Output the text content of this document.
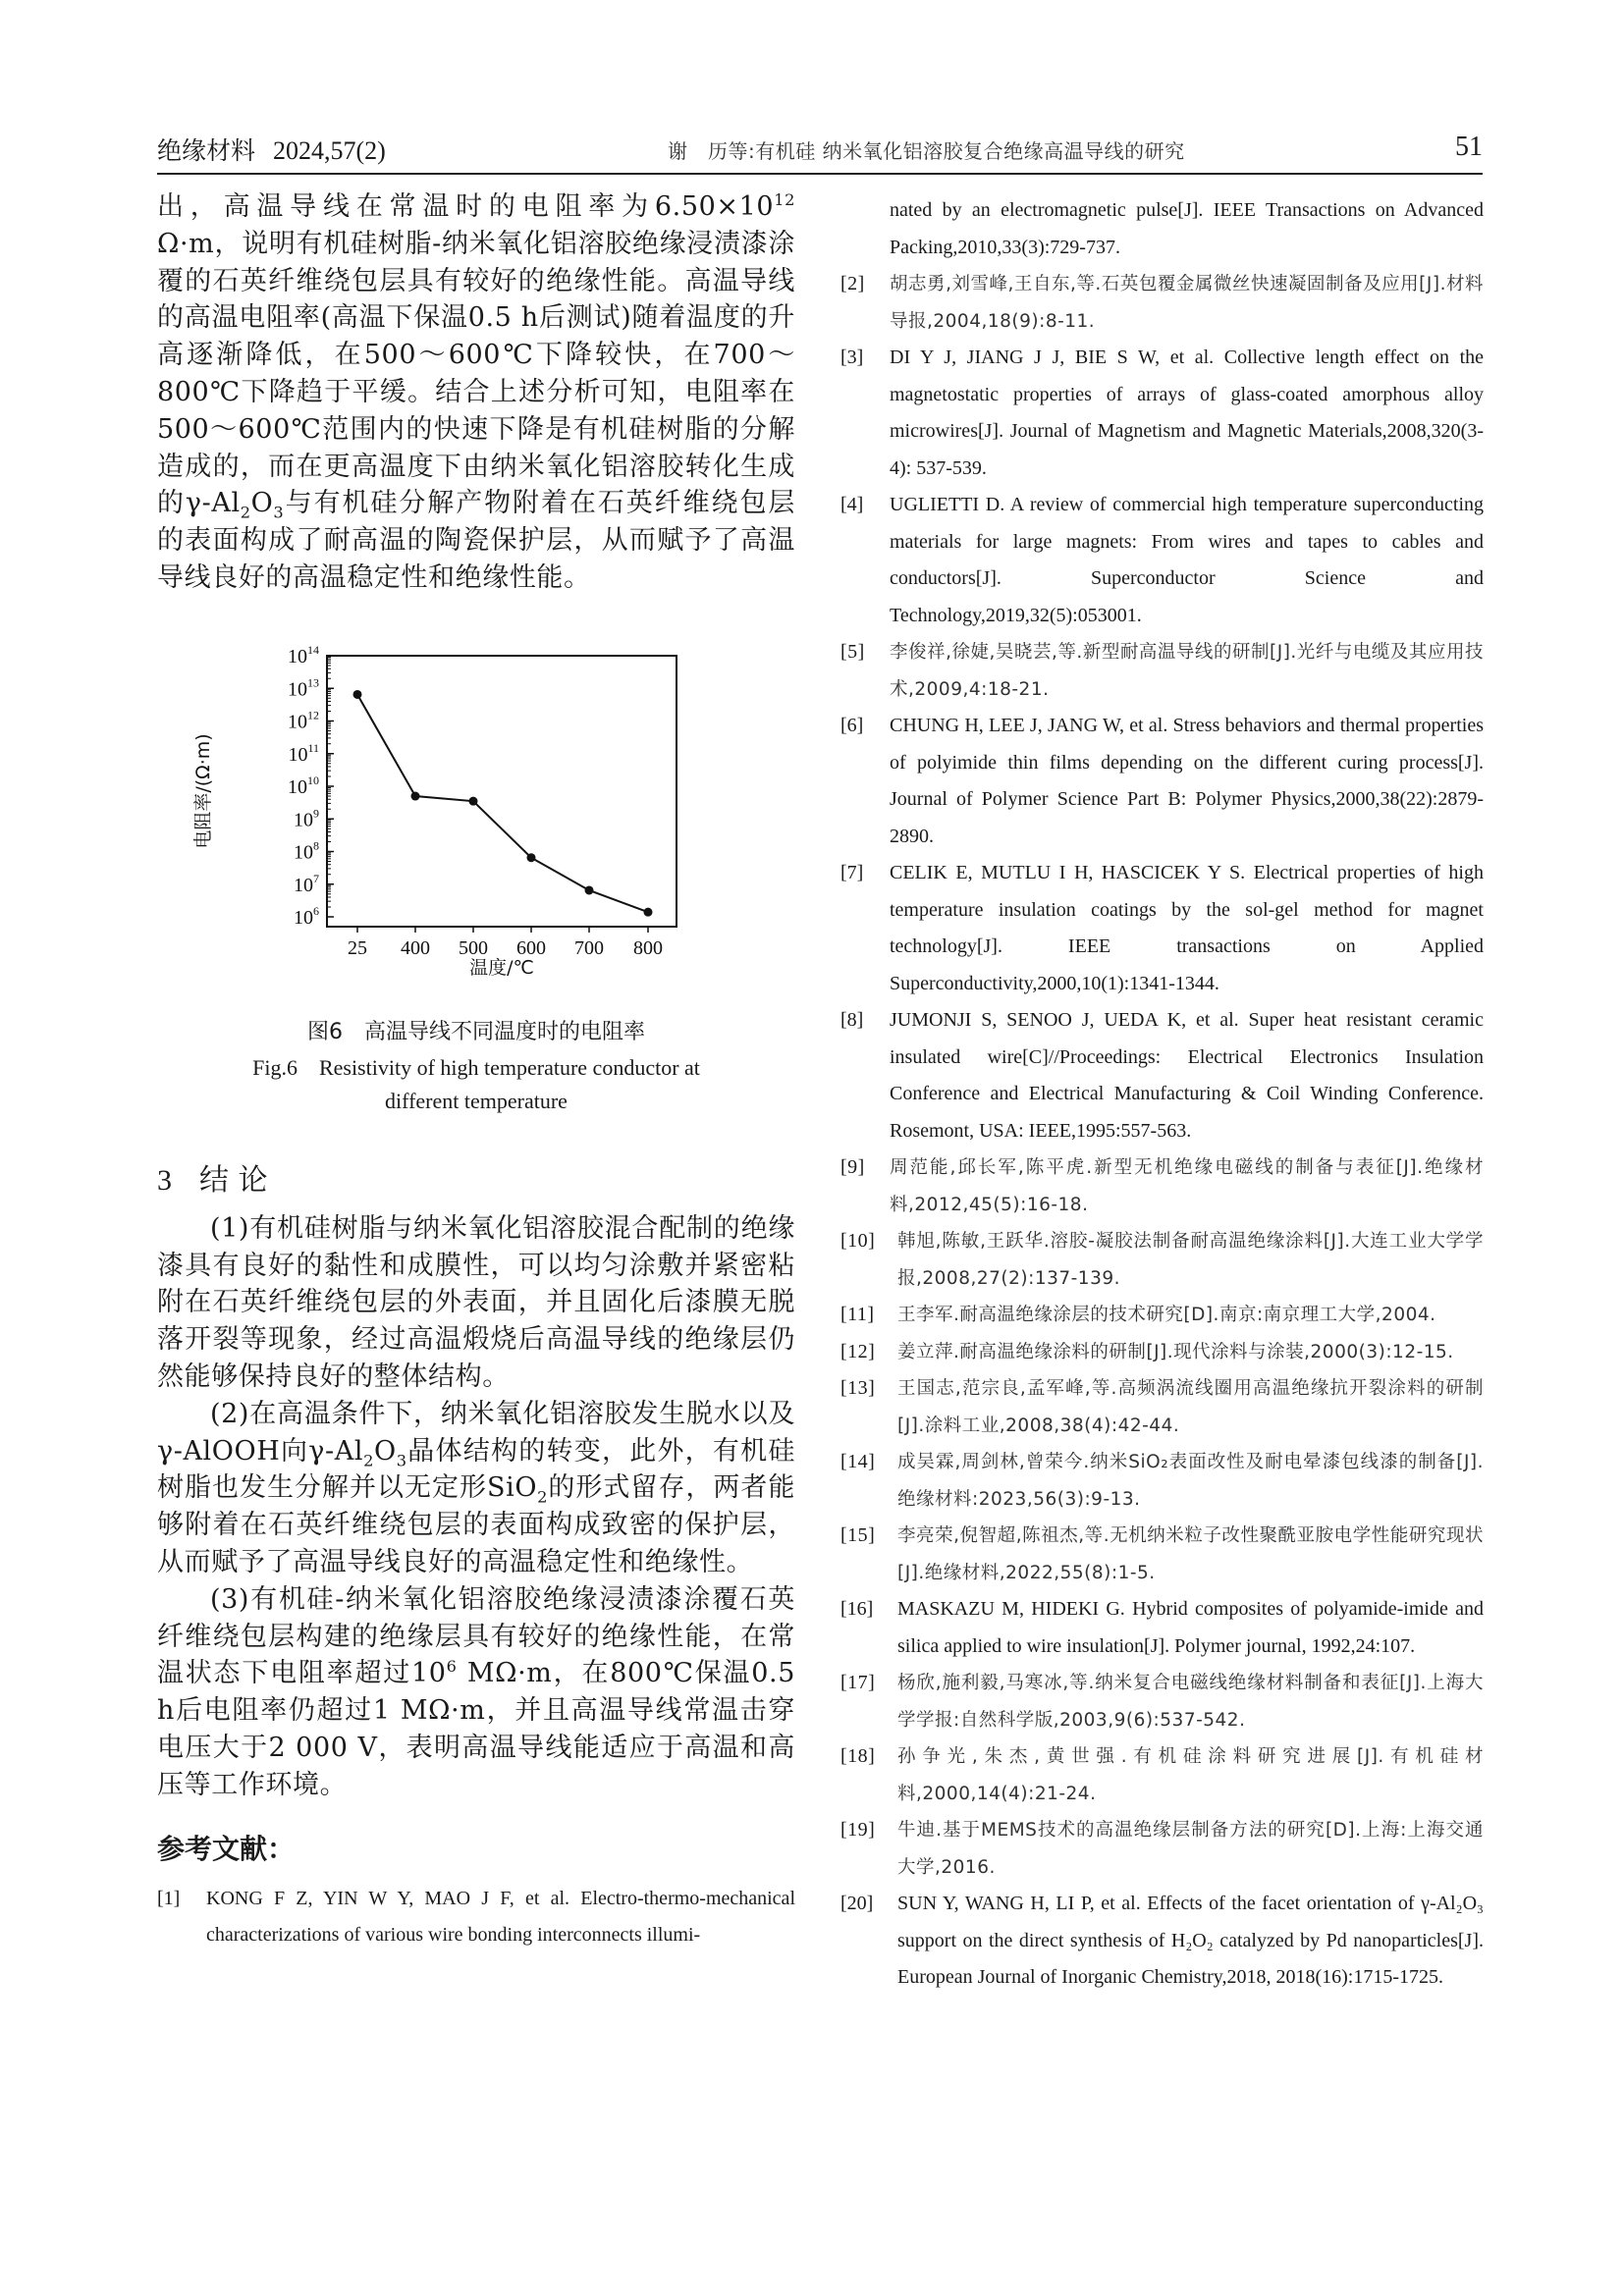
绝缘材料 2024,57(2)	谢　历等:有机硅 纳米氧化铝溶胶复合绝缘高温导线的研究	51

出，高温导线在常温时的电阻率为$6.50\times 10^{12}$ Ω·m，说明有机硅树脂-纳米氧化铝溶胶绝缘浸渍漆涂覆的石英纤维绕包层具有较好的绝缘性能。高温导线的高温电阻率(高温下保温0.5 h后测试)随着温度的升高逐渐降低，在500～600℃下降较快，在700～800℃下降趋于平缓。结合上述分析可知，电阻率在500～600℃范围内的快速下降是有机硅树脂的分解造成的，而在更高温度下由纳米氧化铝溶胶转化生成的$\gamma-Al_2O_3$与有机硅分解产物附着在石英纤维绕包层的表面构成了耐高温的陶瓷保护层，从而赋予了高温导线良好的高温稳定性和绝缘性能。

$10^6$
$10^7$
$10^8$
$10^9$
$10^{10}$
$10^{11}$
$10^{12}$
$10^{13}$
$10^{14}$
25 400 500 600 700 800
温度/℃
电阻率/(Ω·m)
图6　高温导线不同温度时的电阻率
Fig.6　Resistivity of high temperature conductor at
different temperature
3 结 论

(1)有机硅树脂与纳米氧化铝溶胶混合配制的绝缘漆具有良好的黏性和成膜性，可以均匀涂敷并紧密粘附在石英纤维绕包层的外表面，并且固化后漆膜无脱落开裂等现象，经过高温煅烧后高温导线的绝缘层仍然能够保持良好的整体结构。

(2)在高温条件下，纳米氧化铝溶胶发生脱水以及γ-AlOOH向$\gamma-Al_2O_3$晶体结构的转变，此外，有机硅树脂也发生分解并以无定形SiO$_2$的形式留存，两者能够附着在石英纤维绕包层的表面构成致密的保护层，从而赋予了高温导线良好的高温稳定性和绝缘性。

(3)有机硅-纳米氧化铝溶胶绝缘浸渍漆涂覆石英纤维绕包层构建的绝缘层具有较好的绝缘性能，在常温状态下电阻率超过$10^6$ MΩ·m，在800℃保温0.5 h后电阻率仍超过1 MΩ·m，并且高温导线常温击穿电压大于2 000 V，表明高温导线能适应于高温和高压等工作环境。

参考文献：

[1] KONG F Z, YIN W Y, MAO J F, et al. Electro-thermo-mechanical characterizations of various wire bonding interconnects illumi-

nated by an electromagnetic pulse[J]. IEEE Transactions on Advanced Packing,2010,33(3):729-737.

[2] 胡志勇,刘雪峰,王自东,等.石英包覆金属微丝快速凝固制备及应用[J].材料导报,2004,18(9):8-11.

[3] DI Y J, JIANG J J, BIE S W, et al. Collective length effect on the magnetostatic properties of arrays of glass-coated amorphous alloy microwires[J]. Journal of Magnetism and Magnetic Materials,2008,320(3-4): 537-539.

[4] UGLIETTI D. A review of commercial high temperature superconducting materials for large magnets: From wires and tapes to cables and conductors[J]. Superconductor Science and Technology,2019,32(5):053001.

[5] 李俊祥,徐婕,吴晓芸,等.新型耐高温导线的研制[J].光纤与电缆及其应用技术,2009,4:18-21.

[6] CHUNG H, LEE J, JANG W, et al. Stress behaviors and thermal properties of polyimide thin films depending on the different curing process[J]. Journal of Polymer Science Part B: Polymer Physics,2000,38(22):2879-2890.

[7] CELIK E, MUTLU I H, HASCICEK Y S. Electrical properties of high temperature insulation coatings by the sol-gel method for magnet technology[J]. IEEE transactions on Applied Superconductivity,2000,10(1):1341-1344.

[8] JUMONJI S, SENOO J, UEDA K, et al. Super heat resistant ceramic insulated wire[C]//Proceedings: Electrical Electronics Insulation Conference and Electrical Manufacturing & Coil Winding Conference. Rosemont, USA: IEEE,1995:557-563.

[9] 周范能,邱长军,陈平虎.新型无机绝缘电磁线的制备与表征[J].绝缘材料,2012,45(5):16-18.

[10] 韩旭,陈敏,王跃华.溶胶-凝胶法制备耐高温绝缘涂料[J].大连工业大学学报,2008,27(2):137-139.

[11] 王李军.耐高温绝缘涂层的技术研究[D].南京:南京理工大学,2004.

[12] 姜立萍.耐高温绝缘涂料的研制[J].现代涂料与涂装,2000(3):12-15.

[13] 王国志,范宗良,孟军峰,等.高频涡流线圈用高温绝缘抗开裂涂料的研制[J].涂料工业,2008,38(4):42-44.

[14] 成吴霖,周剑林,曾荣今.纳米SiO₂表面改性及耐电晕漆包线漆的制备[J].绝缘材料:2023,56(3):9-13.

[15] 李亮荣,倪智超,陈祖杰,等.无机纳米粒子改性聚酰亚胺电学性能研究现状[J].绝缘材料,2022,55(8):1-5.

[16] MASKAZU M, HIDEKI G. Hybrid composites of polyamide-imide and silica applied to wire insulation[J]. Polymer journal, 1992,24:107.

[17] 杨欣,施利毅,马寒冰,等.纳米复合电磁线绝缘材料制备和表征[J].上海大学学报:自然科学版,2003,9(6):537-542.

[18] 孙争光,朱杰,黄世强.有机硅涂料研究进展[J].有机硅材料,2000,14(4):21-24.

[19] 牛迪.基于MEMS技术的高温绝缘层制备方法的研究[D].上海:上海交通大学,2016.

[20] SUN Y, WANG H, LI P, et al. Effects of the facet orientation of γ-Al₂O₃ support on the direct synthesis of H₂O₂ catalyzed by Pd nanoparticles[J]. European Journal of Inorganic Chemistry,2018, 2018(16):1715-1725.
